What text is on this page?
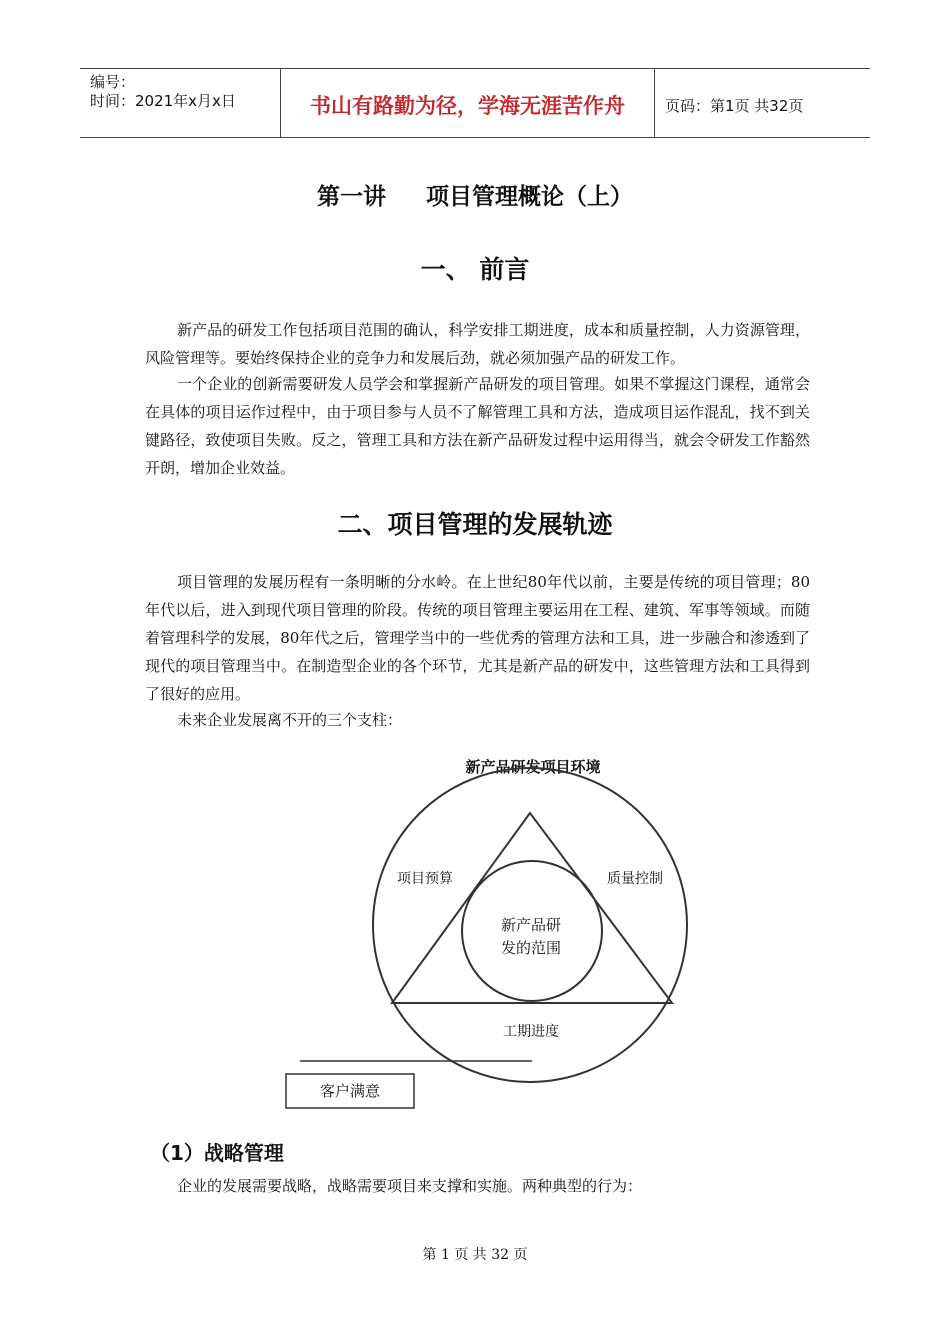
编号：
时间：2021年x月x日	书山有路勤为径，学海无涯苦作舟	页码：第1页 共32页
第一讲 项目管理概论（上）
一、 前言
新产品的研发工作包括项目范围的确认，科学安排工期进度，成本和质量控制，人力资源管理，风险管理等。要始终保持企业的竞争力和发展后劲，就必须加强产品的研发工作。
一个企业的创新需要研发人员学会和掌握新产品研发的项目管理。如果不掌握这门课程，通常会在具体的项目运作过程中，由于项目参与人员不了解管理工具和方法，造成项目运作混乱，找不到关键路径，致使项目失败。反之，管理工具和方法在新产品研发过程中运用得当，就会令研发工作豁然开朗，增加企业效益。
二、项目管理的发展轨迹
项目管理的发展历程有一条明晰的分水岭。在上世纪80年代以前，主要是传统的项目管理；80年代以后，进入到现代项目管理的阶段。传统的项目管理主要运用在工程、建筑、军事等领域。而随着管理科学的发展，80年代之后，管理学当中的一些优秀的管理方法和工具，进一步融合和渗透到了现代的项目管理当中。在制造型企业的各个环节，尤其是新产品的研发中，这些管理方法和工具得到了很好的应用。
未来企业发展离不开的三个支柱：
新产品研发项目环境
项目预算	质量控制
新产品研
发的范围
工期进度
客户满意
（1）战略管理
企业的发展需要战略，战略需要项目来支撑和实施。两种典型的行为：
第 1 页 共 32 页
